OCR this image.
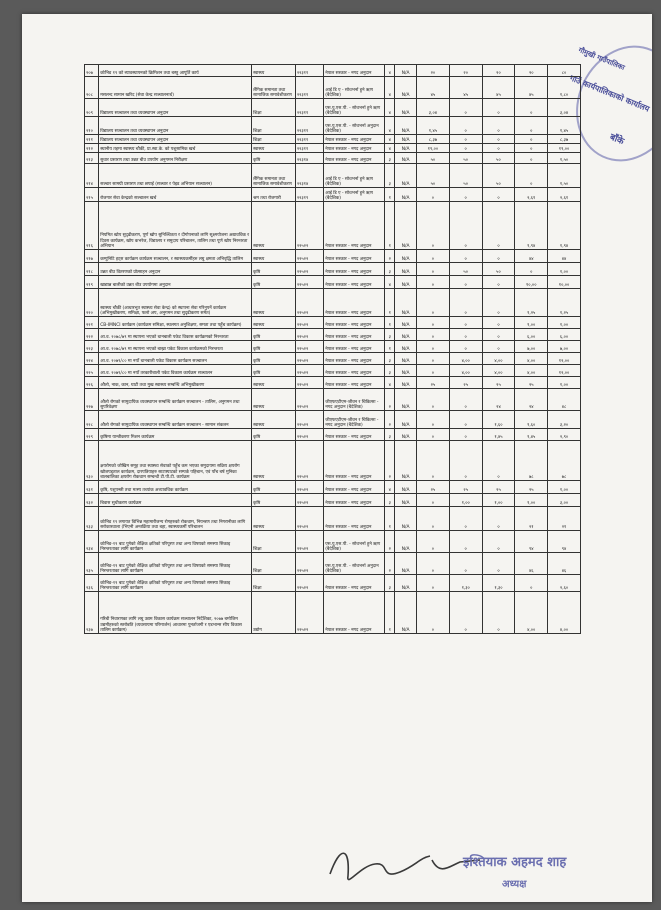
गौमुखी गाउँपालिका
गाउँ कार्यपालिकाको कार्यालय
बाँके
२०७	कोभिड १९ को ब्यावस्थापनको क्रिमिशन तथा बस्तु आपूर्ति कार्य	स्वास्थ्य	२२३११	नेपाल सरकार - नगद अनुदान	४	N/A	२०	२०	२०	२०	८०
२०८	मसलन्द सामान खरिद (सेवा केन्द्र सञ्चालनार्थ)	लैंगिक समानता तथा सामाजिक समावेशीकरण	२२३११	आई डि ए - सोधभर्ना हुने ऋण (बैदेशिक)	४	N/A	४५	४५	४५	४५	१,८०
२०९	विद्यालय सञ्चालन तथा व्यवस्थापन अनुदान	शिक्षा	२२३११	एस.यु.एस.पी. - सोधभर्ना हुने ऋण (बैदेशिक)	४	N/A	३,०४	०	०	०	३,०४
२१०	विद्यालय सञ्चालन तथा व्यवस्थापन अनुदान	शिक्षा	२२३११	एस.यु.एस.पी. - सोधभर्ना अनुदान (बैदेशिक)	४	N/A	१,४५	०	०	०	१,४५
२११	विद्यालय सञ्चालन तथा व्यवस्थापन अनुदान	शिक्षा	२२३११	नेपाल सरकार - नगद अनुदान	४	N/A	८,३७	०	०	०	८,३७
२१२	स्थानीय तहमा स्वास्थ्य चौकी, प्रा.स्वा.के. को पशुसामिक खर्च	स्वास्थ्य	२२३११	नेपाल सरकार - नगद अनुदान	४	N/A	१९,००	०	०	०	१९,००
२१३	सुधार प्रसारण तथा उन्नत बीउ उपयोग अनुगमन निरीक्षण	कृषि	२२३१४	नेपाल सरकार - नगद अनुदान	३	N/A	५०	५०	५०	०	१,५०
२१४	सञ्चार सामग्री प्रसारण तथा छपाई (सञ्चार र पेइड अभियान सञ्चालन)	लैंगिक समानता तथा सामाजिक समावेशीकरण	२२३१४	आई डि ए - सोधभर्ना हुने ऋण (बैदेशिक)	३	N/A	५०	५०	५०	०	१,५०
२१५	रोजगार सेवा केन्द्रको सञ्चालन खर्च	श्रम तथा रोजगारी	२२३१९	आई डि ए - सोधभर्ना हुने ऋण (बैदेशिक)	१	N/A	०	०	०	२,६१	२,६१
२१६	नियमित खोप सुदृढीकरण, पूर्ण खोप सुनिश्चितता र दीगोपनाको लागि सूक्ष्मयोजना अद्यावधिक र दिवस कार्यक्रम, खोप कभरेज, विद्यालय र समुदाय परिचालन, तालिम तथा पूर्ण खोप निरन्तरता अभियान	स्वास्थ्य	२२५२२	नेपाल सरकार - नगद अनुदान	१	N/A	०	०	०	१,९४	१,९४
२१७	कम्युनिटि हट्स कार्यक्रम कार्यक्रम सञ्चालन, र स्वास्थ्यकर्मीहरु लघु क्षमता अभिवृद्धि तालिम	स्वास्थ्य	२२५२२	नेपाल सरकार - नगद अनुदान	२	N/A	०	०	०	४४	४४
२१८	उन्नत बीउ वितरणको प्रोत्साहन अनुदान	कृषि	२२५२२	नेपाल सरकार - नगद अनुदान	३	N/A	०	५०	५०	०	१,००
२१९	खाद्यान्न बालीको उन्नत बीउ उपयोगमा अनुदान	कृषि	२२५२२	नेपाल सरकार - नगद अनुदान	४	N/A	०	०	०	१०,००	१०,००
२२०	स्वास्थ्य चौकी (आधारभूत स्वास्थ्य सेवा केन्द्र) को स्थापना सेवा गरिनुपर्ने कार्यक्रम (अभिमुखीकरण, समिक्षा, फलो अप, अनुगमन तथा सुदृढीकरण समेत)	स्वास्थ्य	२२५२२	नेपाल सरकार - नगद अनुदान	१	N/A	०	०	०	१,२५	१,२५
२२१	CB-IMNCI कार्यक्रम (कार्यक्रम समिक्षा, स्थलगत अनुशिक्षण, समता तथा पहुँच कार्यक्रम)	स्वास्थ्य	२२५२२	नेपाल सरकार - नगद अनुदान	१	N/A	०	०	०	१,००	१,००
२२२	आ.व. २०७८/७९ मा स्थापना भएको धानबाली पकेट विकास कार्यक्रमको निरन्तरता	कृषि	२२५२२	नेपाल सरकार - नगद अनुदान	३	N/A	०	०	०	६,००	६,००
२२३	आ.व. २०७८/७९ मा स्थापना भएको बाख्रा पकेट विकास कार्यक्रमको निरन्तरता	कृषि	२२५२२	नेपाल सरकार - नगद अनुदान	१	N/A	०	०	०	७,००	७,००
२२४	आ.व. २०७९/८० मा नयाँ धानबाली पकेट विकास कार्यक्रम सञ्चालन	कृषि	२२५२२	नेपाल सरकार - नगद अनुदान	३	N/A	०	४,००	४,००	४,००	१२,००
२२५	आ.व. २०७९/८० मा नयाँ तरकारीबाली पकेट विकास कार्यक्रम सञ्चालन	कृषि	२२५२२	नेपाल सरकार - नगद अनुदान	३	N/A	०	४,००	४,००	४,००	१२,००
२२६	औलो, नाक, कान, घाटी तथा मुख स्वास्थ्य सम्बन्धि अभिमुखीकरण	स्वास्थ्य	२२५२२	नेपाल सरकार - नगद अनुदान	४	N/A	२५	२५	२५	२५	१,००
२२७	औलो रोगको सामुदायिक व्यवस्थापन सम्बन्धि कार्यक्रम सञ्चालन - तालिम, अनुगमन तथा सुपरिवेक्षण	स्वास्थ्य	२२५२२	जीएफएटीएम-जीवन र चिकित्सा - नगद अनुदान (बैदेशिक)	२	N/A	०	०	२४	२४	४८
२२८	औलो रोगको सामुदायिक व्यवस्थापन सम्बन्धि कार्यक्रम सञ्चालन - सामान संकलन	स्वास्थ्य	२२५२२	जीएफएटीएम-जीवन र चिकित्सा - नगद अनुदान (बैदेशिक)	२	N/A	०	०	१,६०	१,६०	३,२०
२२९	कृषिमा यान्त्रीकरण मिशन कार्यक्रम	कृषि	२२५२२	नेपाल सरकार - नगद अनुदान	३	N/A	०	०	१,४५	१,४५	२,९०
२३०	क्षयरोगको जोखिम समूह तथा स्वास्थ्य सेवाको पहुँच कम भएका समुदायमा सक्रिय क्षयरोग खोजपड्ताल कार्यक्रम, दारपत्रियाहरु साटफ्याटको सम्पर्क पहिचान, एवं पाँच बर्ष मुनिका बालबालिका क्षयरोग रोकथाम सम्बन्धी टी.पी.टी. कार्यक्रम	स्वास्थ्य	२२५२२	नेपाल सरकार - नगद अनुदान	२	N/A	०	०	०	७८	७८
२३१	कृषि, पशुपन्छी तथा मत्स्य तथ्यांक अध्यावधिक कार्यक्रम	कृषि	२२५२२	नेपाल सरकार - नगद अनुदान	४	N/A	२५	२५	२५	२५	१,००
२३२	बिवास सुधीकरण कार्यक्रम	कृषि	२२५२२	नेपाल सरकार - नगद अनुदान	३	N/A	०	१,००	१,००	१,००	३,००
२३३	कोभिड १९ लगायत विभिन्न महामारीजन्य रोगहरुको रोकथाम, नियन्त्रण तथा निगरानीका लागि सरोकारवाला (भिएनी अन्तर्क्रिया तथा बहा, स्वास्थ्यकर्मी परिचालन	स्वास्थ्य	२२५२२	नेपाल सरकार - नगद अनुदान	१	N/A	०	०	०	२१	२१
२३४	कोभिड-१९ बाट पुगेको शैक्षिक क्षतिको परिपूरण तथा अन्य विषयको समस्या सिकाइ निरन्तरताका लागि कार्यक्रम	शिक्षा	२२५२२	एस.यु.एस.पी. - सोधभर्ना हुने ऋण (बैदेशिक)	२	N/A	०	०	०	९४	९४
२३५	कोभिड-१९ बाट पुगेको शैक्षिक क्षतिको परिपूरण तथा अन्य विषयको समस्या सिकाइ निरन्तरताका लागि कार्यक्रम	शिक्षा	२२५२२	एस.यु.एस.पी. - सोधभर्ना अनुदान (बैदेशिक)	२	N/A	०	०	०	४६	४६
२३६	कोभिड-१९ बाट पुगेको शैक्षिक क्षतिको परिपूरण तथा अन्य विषयको समस्या सिकाइ निरन्तरताका लागि कार्यक्रम	शिक्षा	२२५२२	नेपाल सरकार - नगद अनुदान	३	N/A	०	१,३०	१,३०	०	२,६०
२३७	गरिबी निवारणका लागि लघु उद्यम विकास कार्यक्रम सञ्चालन निर्देशिका, २०७७ बमोजिम उद्यमीहरुको स्तरोन्नति (व्यवसायमा परिमार्जन) आधारमा पुनर्ताजगी र एडभान्स सीप विकास तालिम कार्यक्रम)	उद्योग	२२५२२	नेपाल सरकार - नगद अनुदान	१	N/A	०	०	०	४,००	४,००
इश्तियाक अहमद शाह
अध्यक्ष
